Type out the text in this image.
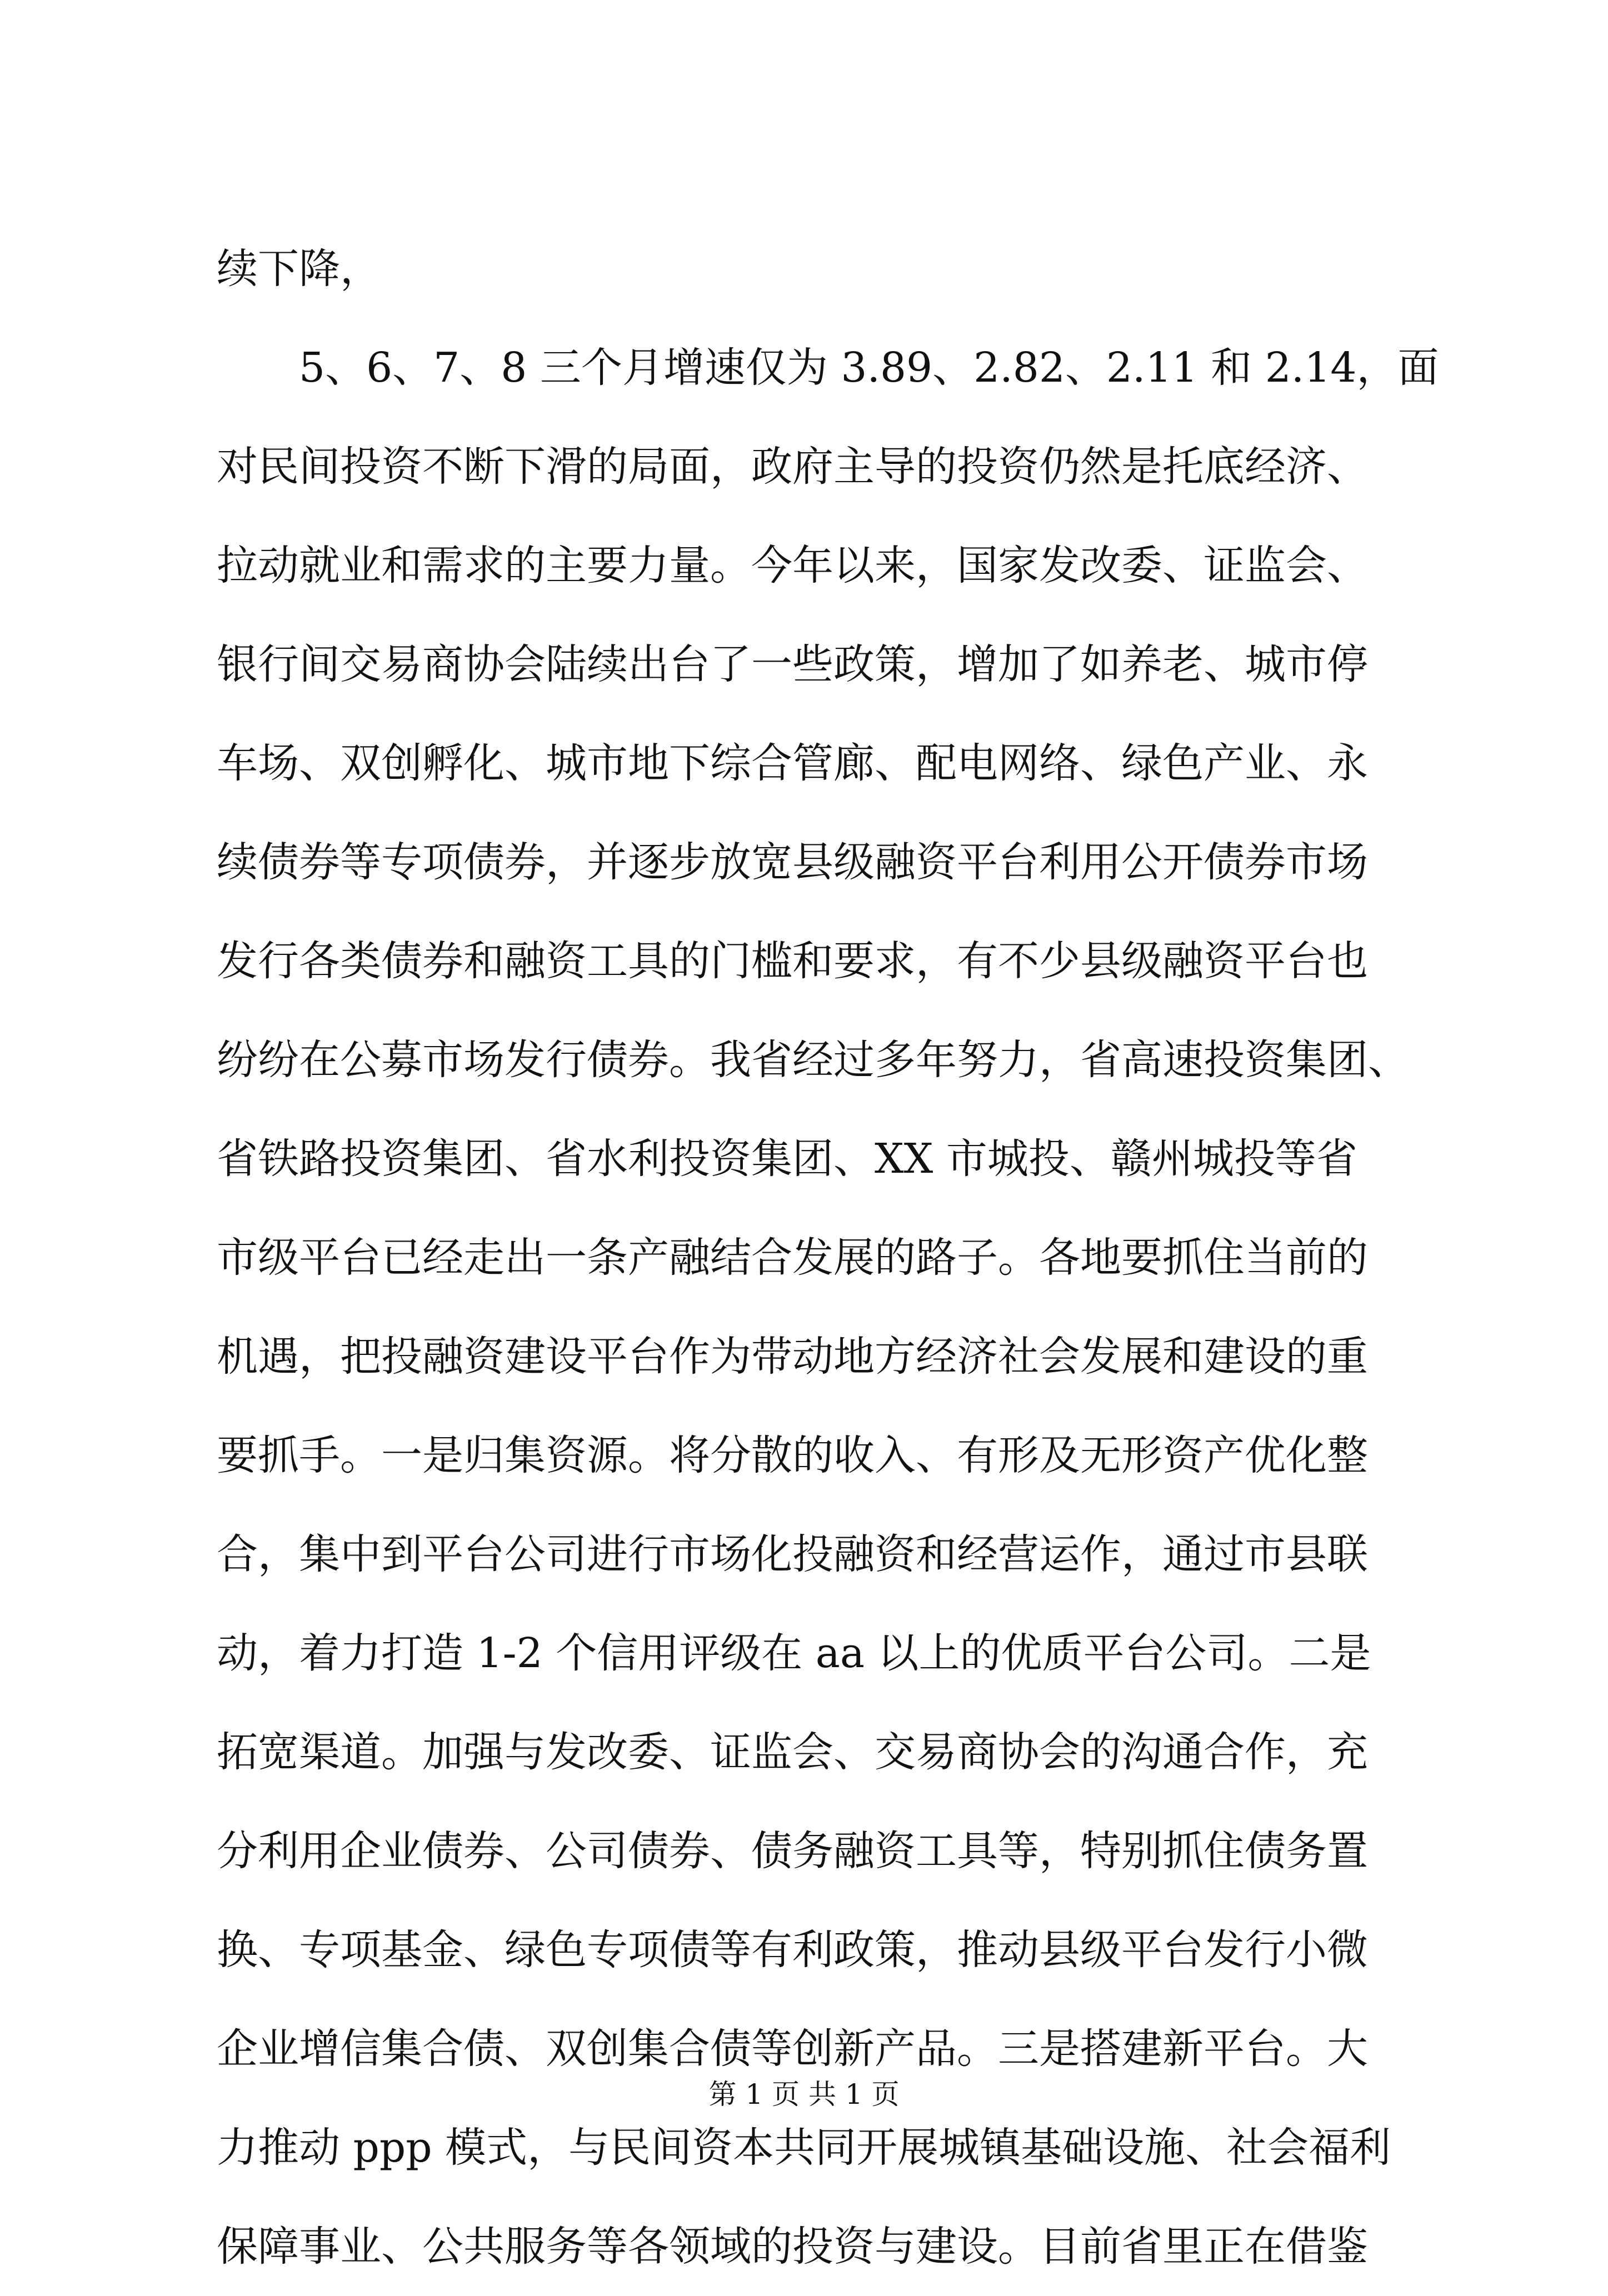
续下降，
5、6、7、8 三个月增速仅为 3.89、2.82、2.11 和 2.14，面
对民间投资不断下滑的局面，政府主导的投资仍然是托底经济、
拉动就业和需求的主要力量。今年以来，国家发改委、证监会、
银行间交易商协会陆续出台了一些政策，增加了如养老、城市停
车场、双创孵化、城市地下综合管廊、配电网络、绿色产业、永
续债券等专项债券，并逐步放宽县级融资平台利用公开债券市场
发行各类债券和融资工具的门槛和要求，有不少县级融资平台也
纷纷在公募市场发行债券。我省经过多年努力，省高速投资集团、
省铁路投资集团、省水利投资集团、XX 市城投、赣州城投等省
市级平台已经走出一条产融结合发展的路子。各地要抓住当前的
机遇，把投融资建设平台作为带动地方经济社会发展和建设的重
要抓手。一是归集资源。将分散的收入、有形及无形资产优化整
合，集中到平台公司进行市场化投融资和经营运作，通过市县联
动，着力打造 1-2 个信用评级在 aa 以上的优质平台公司。二是
拓宽渠道。加强与发改委、证监会、交易商协会的沟通合作，充
分利用企业债券、公司债券、债务融资工具等，特别抓住债务置
换、专项基金、绿色专项债等有利政策，推动县级平台发行小微
企业增信集合债、双创集合债等创新产品。三是搭建新平台。大
力推动 ppp 模式，与民间资本共同开展城镇基础设施、社会福利
保障事业、公共服务等各领域的投资与建设。目前省里正在借鉴
第 1 页 共 1 页
